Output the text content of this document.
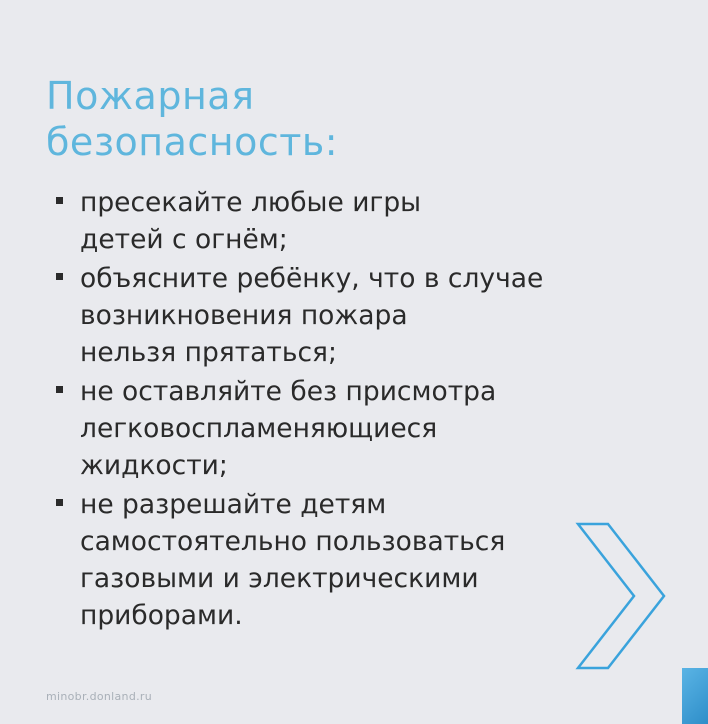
Пожарная
безопасность:
пресекайте любые игры
детей с огнём;
объясните ребёнку, что в случае
возникновения пожара
нельзя прятаться;
не оставляйте без присмотра
легковоспламеняющиеся
жидкости;
не разрешайте детям
самостоятельно пользоваться
газовыми и электрическими
приборами.
minobr.donland.ru
